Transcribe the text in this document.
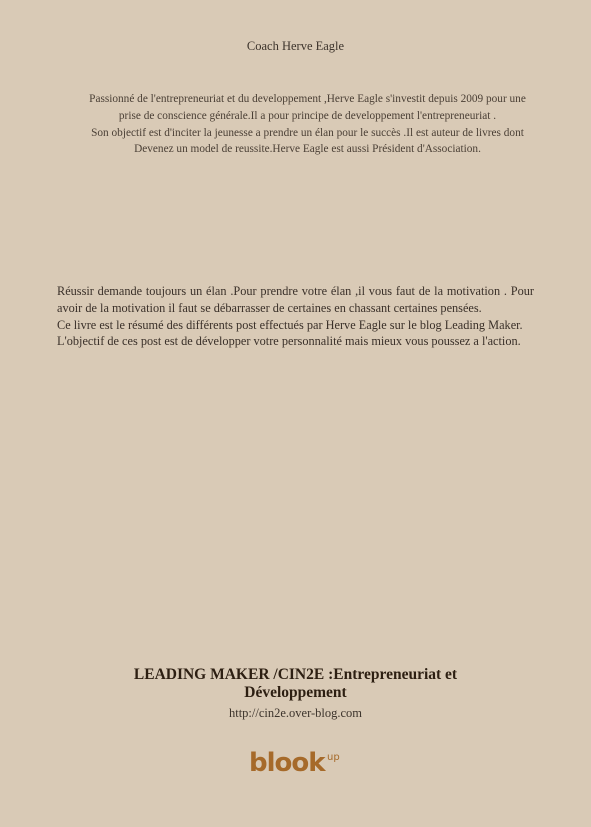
Coach Herve Eagle

Passionné de l'entrepreneuriat et du developpement ,Herve Eagle s'investit depuis 2009 pour une prise de conscience générale.Il a pour principe de developpement l'entrepreneuriat .

Son objectif est d'inciter la jeunesse a prendre un élan pour le succès .Il est auteur de livres dont Devenez un model de reussite.Herve Eagle est aussi Président d'Association.

Réussir demande toujours un élan .Pour prendre votre élan ,il vous faut de la motivation . Pour avoir de la motivation il faut se débarrasser de certaines en chassant certaines pensées.

Ce livre est le résumé des différents post effectués par Herve Eagle sur le blog Leading Maker.

L'objectif de ces post est de développer votre personnalité mais mieux vous poussez a l'action.

LEADING MAKER /CIN2E :Entrepreneuriat et
Développement
http://cin2e.over-blog.com
blook up
